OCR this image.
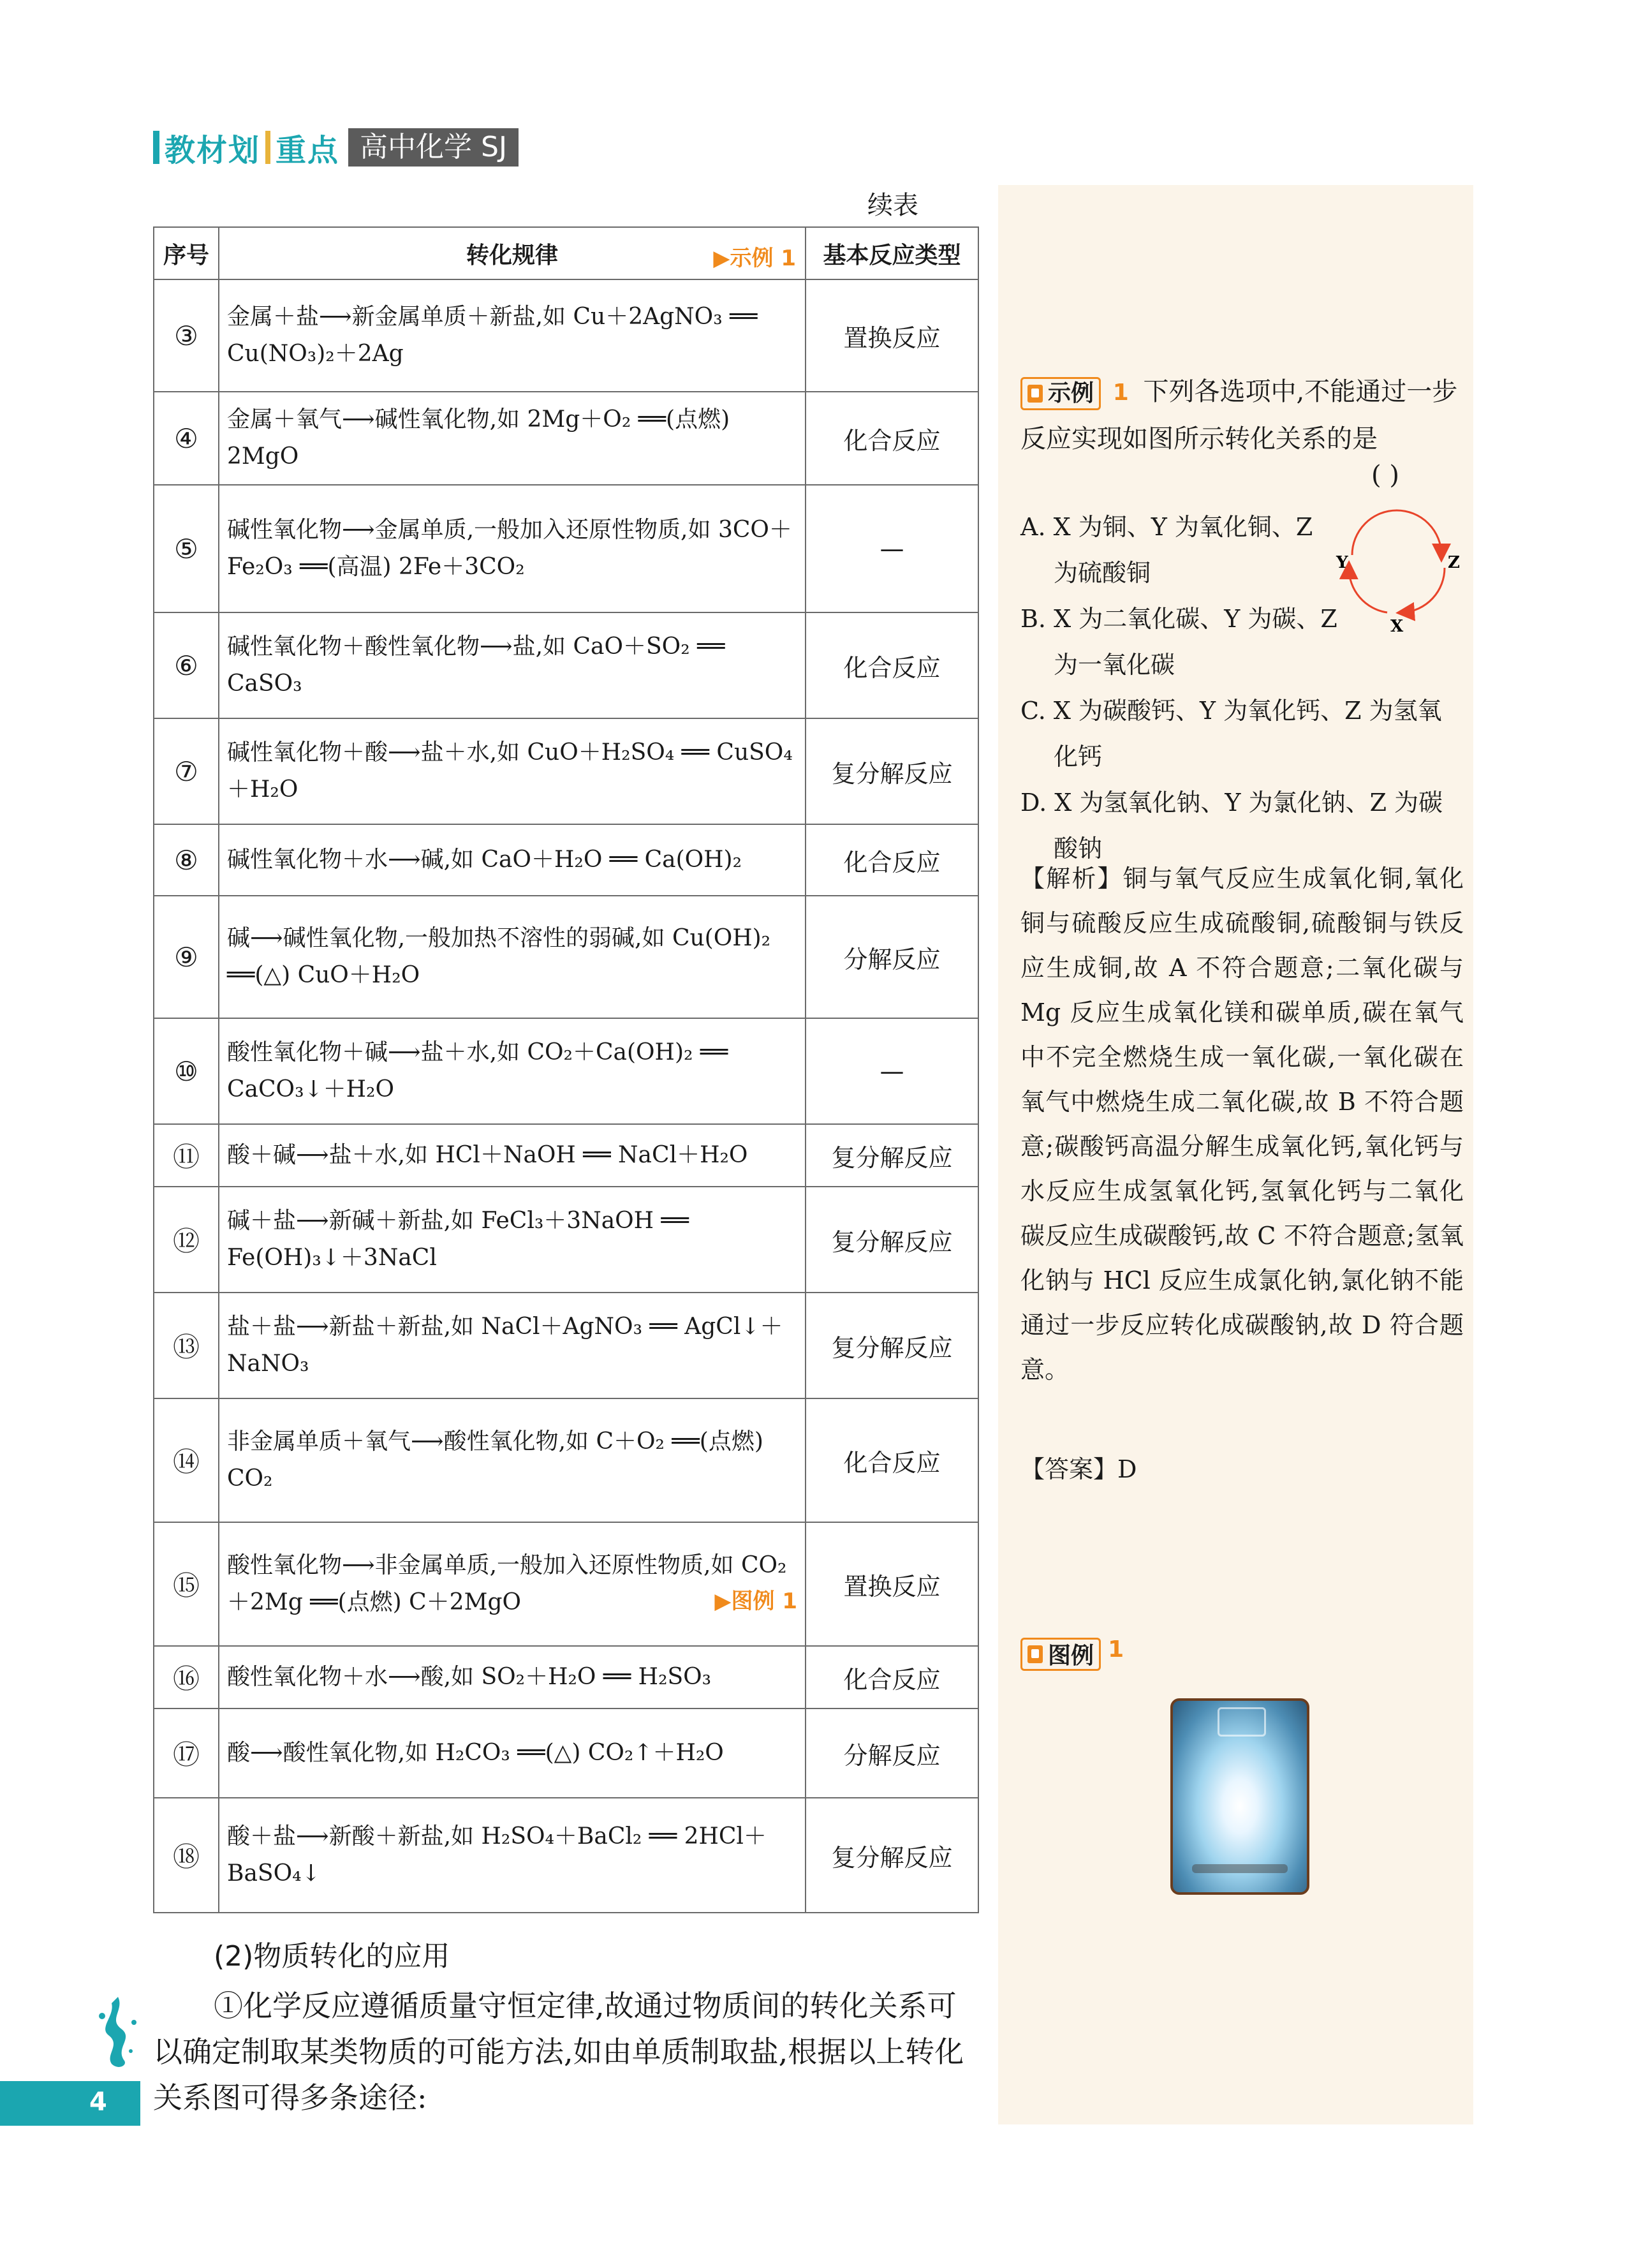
教材划 重点 高中化学 SJ
续表
序号	转化规律 ▶示例 1	基本反应类型
③	金属＋盐⟶新金属单质＋新盐,如 Cu＋2AgNO₃ ══ Cu(NO₃)₂＋2Ag	置换反应
④	金属＋氧气⟶碱性氧化物,如 2Mg＋O₂ ══(点燃) 2MgO	化合反应
⑤	碱性氧化物⟶金属单质,一般加入还原性物质,如 3CO＋Fe₂O₃ ══(高温) 2Fe＋3CO₂	—
⑥	碱性氧化物＋酸性氧化物⟶盐,如 CaO＋SO₂ ══ CaSO₃	化合反应
⑦	碱性氧化物＋酸⟶盐＋水,如 CuO＋H₂SO₄ ══ CuSO₄＋H₂O	复分解反应
⑧	碱性氧化物＋水⟶碱,如 CaO＋H₂O ══ Ca(OH)₂	化合反应
⑨	碱⟶碱性氧化物,一般加热不溶性的弱碱,如 Cu(OH)₂ ══(△) CuO＋H₂O	分解反应
⑩	酸性氧化物＋碱⟶盐＋水,如 CO₂＋Ca(OH)₂ ══ CaCO₃↓＋H₂O	—
⑪	酸＋碱⟶盐＋水,如 HCl＋NaOH ══ NaCl＋H₂O	复分解反应
⑫	碱＋盐⟶新碱＋新盐,如 FeCl₃＋3NaOH ══ Fe(OH)₃↓＋3NaCl	复分解反应
⑬	盐＋盐⟶新盐＋新盐,如 NaCl＋AgNO₃ ══ AgCl↓＋NaNO₃	复分解反应
⑭	非金属单质＋氧气⟶酸性氧化物,如 C＋O₂ ══(点燃) CO₂	化合反应
⑮	酸性氧化物⟶非金属单质,一般加入还原性物质,如 CO₂＋2Mg ══(点燃) C＋2MgO ▶图例 1	置换反应
⑯	酸性氧化物＋水⟶酸,如 SO₂＋H₂O ══ H₂SO₃	化合反应
⑰	酸⟶酸性氧化物,如 H₂CO₃ ══(△) CO₂↑＋H₂O	分解反应
⑱	酸＋盐⟶新酸＋新盐,如 H₂SO₄＋BaCl₂ ══ 2HCl＋BaSO₄↓	复分解反应
(2)物质转化的应用
①化学反应遵循质量守恒定律,故通过物质间的转化关系可以确定制取某类物质的可能方法,如由单质制取盐,根据以上转化关系图可得多条途径:
4
示例 1 下列各选项中,不能通过一步反应实现如图所示转化关系的是
( )
A. X 为铜、Y 为氧化铜、Z
为硫酸铜
B. X 为二氧化碳、Y 为碳、Z
为一氧化碳
C. X 为碳酸钙、Y 为氧化钙、Z 为氢氧
化钙
D. X 为氢氧化钠、Y 为氯化钠、Z 为碳
酸钠
Y	Z
X
【解析】铜与氧气反应生成氧化铜,氧化铜与硫酸反应生成硫酸铜,硫酸铜与铁反应生成铜,故 A 不符合题意;二氧化碳与 Mg 反应生成氧化镁和碳单质,碳在氧气中不完全燃烧生成一氧化碳,一氧化碳在氧气中燃烧生成二氧化碳,故 B 不符合题意;碳酸钙高温分解生成氧化钙,氧化钙与水反应生成氢氧化钙,氢氧化钙与二氧化碳反应生成碳酸钙,故 C 不符合题意;氢氧化钠与 HCl 反应生成氯化钠,氯化钠不能通过一步反应转化成碳酸钠,故 D 符合题意。
【答案】D
图例 1
